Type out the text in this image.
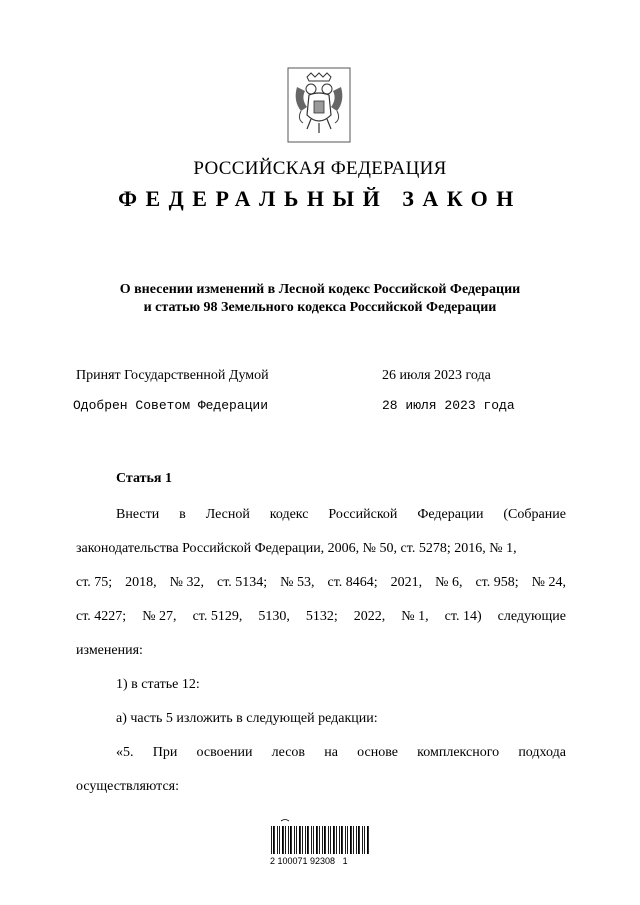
РОССИЙСКАЯ ФЕДЕРАЦИЯ
ФЕДЕРАЛЬНЫЙ ЗАКОН
О внесении изменений в Лесной кодекс Российской Федерации
и статью 98 Земельного кодекса Российской Федерации
Принят Государственной Думой	26 июля 2023 года
Одобрен Советом Федерации	28 июля 2023 года
Статья 1
Внести в Лесной кодекс Российской Федерации (Собрание
законодательства Российской Федерации, 2006, № 50, ст. 5278; 2016, № 1,
ст. 75; 2018, № 32, ст. 5134; № 53, ст. 8464; 2021, № 6, ст. 958; № 24,
ст. 4227; № 27, ст. 5129, 5130, 5132; 2022, № 1, ст. 14) следующие
изменения:
1) в статье 12:
а) часть 5 изложить в следующей редакции:
«5. При освоении лесов на основе комплексного подхода
осуществляются:
2 100071 92308   1
